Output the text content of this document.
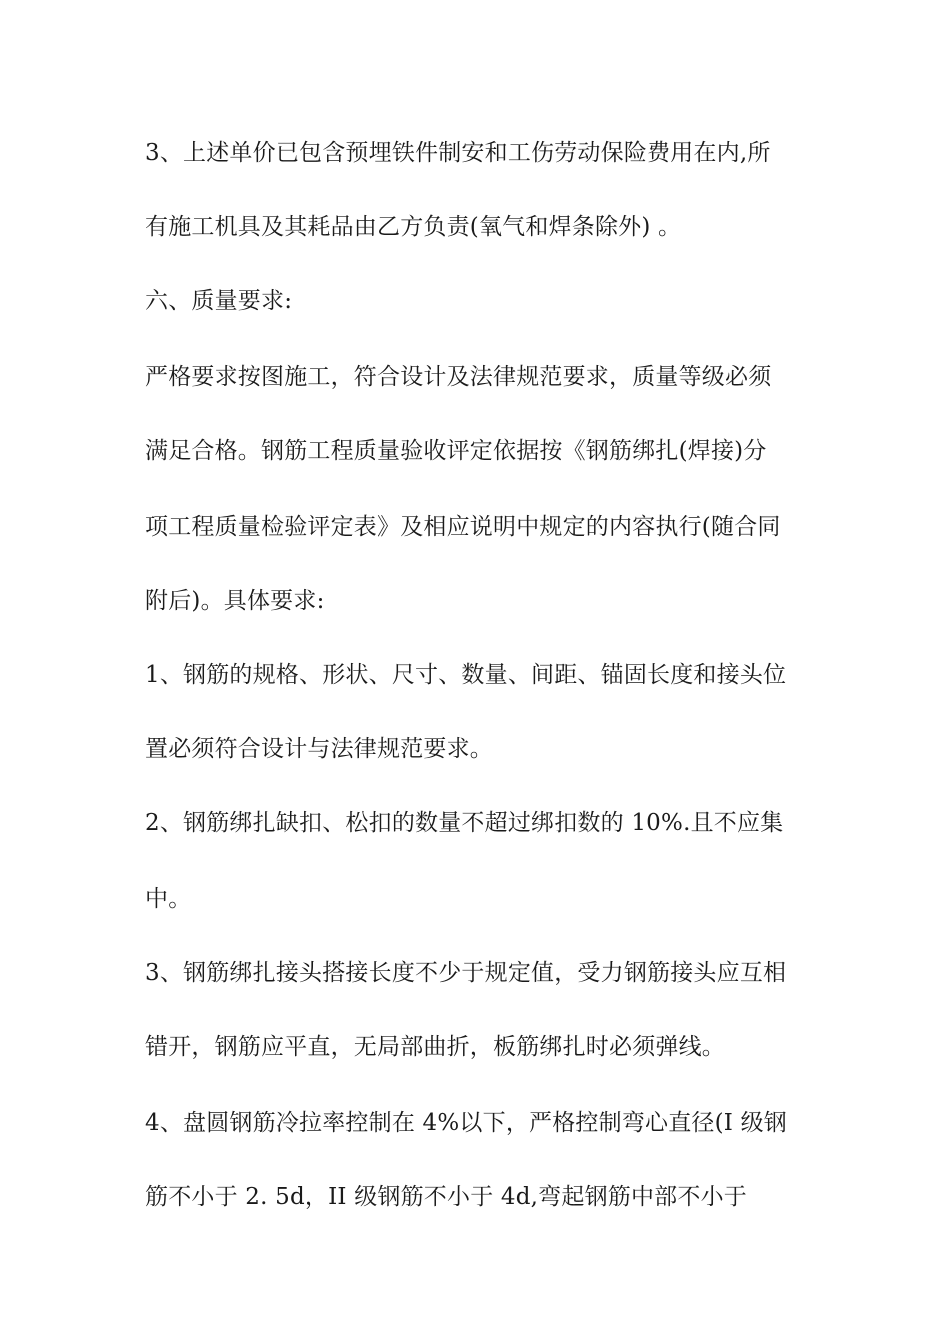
3、上述单价已包含预埋铁件制安和工伤劳动保险费用在内,所
有施工机具及其耗品由乙方负责(氧气和焊条除外) 。
六、质量要求:
严格要求按图施工，符合设计及法律规范要求，质量等级必须
满足合格。钢筋工程质量验收评定依据按《钢筋绑扎(焊接)分
项工程质量检验评定表》及相应说明中规定的内容执行(随合同
附后)。具体要求:
1、钢筋的规格、形状、尺寸、数量、间距、锚固长度和接头位
置必须符合设计与法律规范要求。
2、钢筋绑扎缺扣、松扣的数量不超过绑扣数的 10%.且不应集
中。
3、钢筋绑扎接头搭接长度不少于规定值，受力钢筋接头应互相
错开，钢筋应平直，无局部曲折，板筋绑扎时必须弹线。
4、盘圆钢筋冷拉率控制在 4%以下，严格控制弯心直径(I 级钢
筋不小于 2. 5d，II 级钢筋不小于 4d,弯起钢筋中部不小于
